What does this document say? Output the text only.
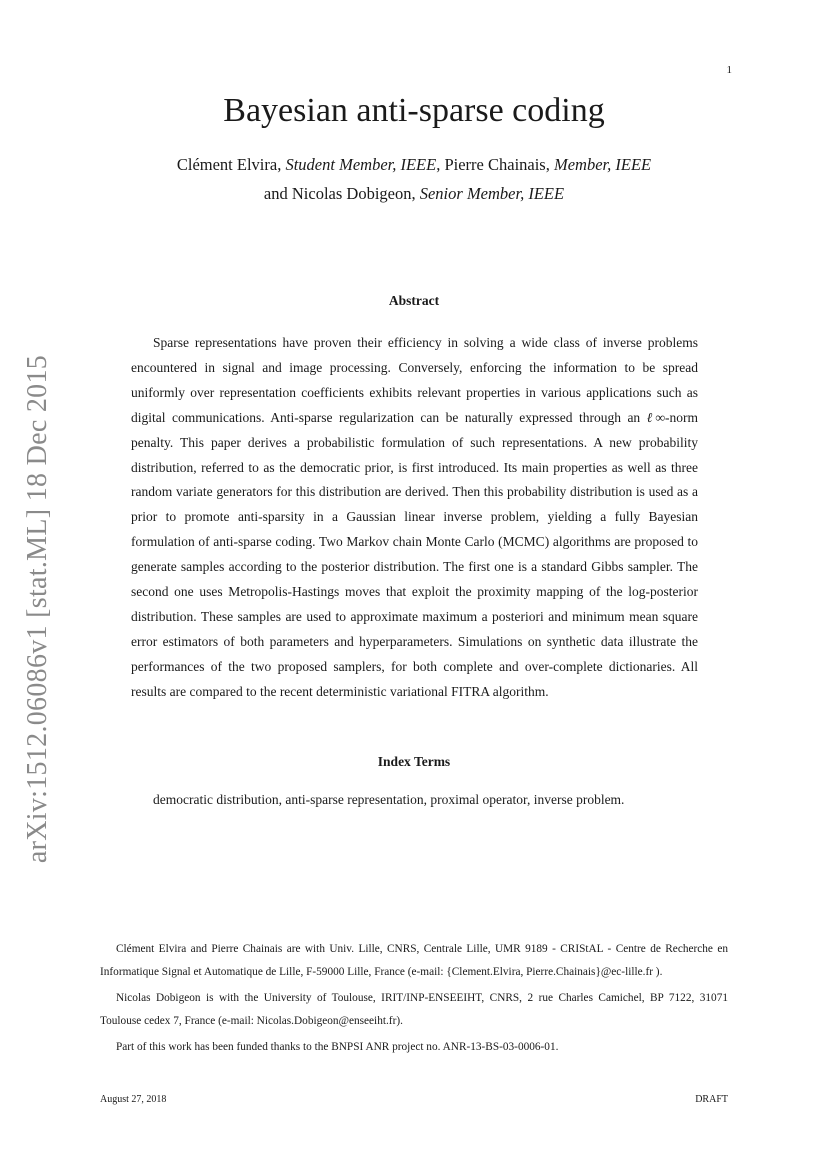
1
arXiv:1512.06086v1 [stat.ML] 18 Dec 2015
Bayesian anti-sparse coding
Clément Elvira, Student Member, IEEE, Pierre Chainais, Member, IEEE
and Nicolas Dobigeon, Senior Member, IEEE
Abstract

Sparse representations have proven their efficiency in solving a wide class of inverse problems encountered in signal and image processing. Conversely, enforcing the information to be spread uniformly over representation coefficients exhibits relevant properties in various applications such as digital communications. Anti-sparse regularization can be naturally expressed through an ℓ∞-norm penalty. This paper derives a probabilistic formulation of such representations. A new probability distribution, referred to as the democratic prior, is first introduced. Its main properties as well as three random variate generators for this distribution are derived. Then this probability distribution is used as a prior to promote anti-sparsity in a Gaussian linear inverse problem, yielding a fully Bayesian formulation of anti-sparse coding. Two Markov chain Monte Carlo (MCMC) algorithms are proposed to generate samples according to the posterior distribution. The first one is a standard Gibbs sampler. The second one uses Metropolis-Hastings moves that exploit the proximity mapping of the log-posterior distribution. These samples are used to approximate maximum a posteriori and minimum mean square error estimators of both parameters and hyperparameters. Simulations on synthetic data illustrate the performances of the two proposed samplers, for both complete and over-complete dictionaries. All results are compared to the recent deterministic variational FITRA algorithm.

Index Terms

democratic distribution, anti-sparse representation, proximal operator, inverse problem.

Clément Elvira and Pierre Chainais are with Univ. Lille, CNRS, Centrale Lille, UMR 9189 - CRIStAL - Centre de Recherche en Informatique Signal et Automatique de Lille, F-59000 Lille, France (e-mail: {Clement.Elvira, Pierre.Chainais}@ec-lille.fr ).

Nicolas Dobigeon is with the University of Toulouse, IRIT/INP-ENSEEIHT, CNRS, 2 rue Charles Camichel, BP 7122, 31071 Toulouse cedex 7, France (e-mail: Nicolas.Dobigeon@enseeiht.fr).

Part of this work has been funded thanks to the BNPSI ANR project no. ANR-13-BS-03-0006-01.

August 27, 2018	DRAFT
